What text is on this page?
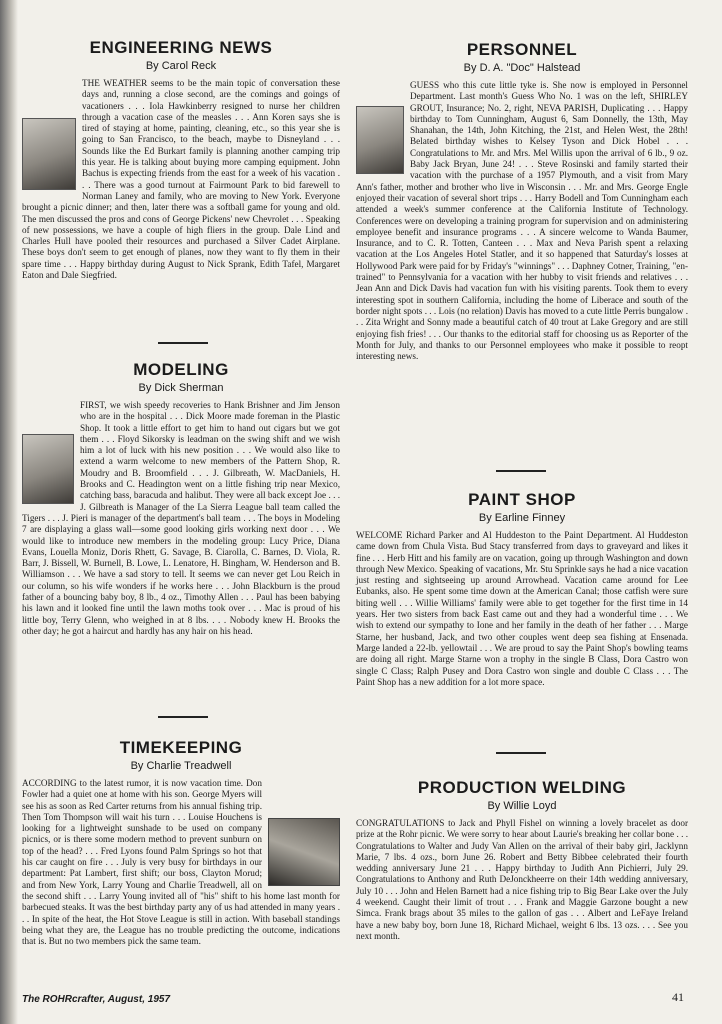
ENGINEERING NEWS
By Carol Reck

THE WEATHER seems to be the main topic of conversation these days and, running a close second, are the comings and goings of vacationers . . . Iola Hawkinberry resigned to nurse her children through a vacation case of the measles . . . Ann Koren says she is tired of staying at home, painting, cleaning, etc., so this year she is going to San Francisco, to the beach, maybe to Disneyland . . . Sounds like the Ed Burkart family is planning another camping trip this year. He is talking about buying more camping equipment. John Bachus is expecting friends from the east for a week of his vacation . . . There was a good turnout at Fairmount Park to bid farewell to Norman Laney and family, who are moving to New York. Everyone brought a picnic dinner; and then, later there was a softball game for young and old. The men discussed the pros and cons of George Pickens' new Chevrolet . . . Speaking of new possessions, we have a couple of high fliers in the group. Dale Lind and Charles Hull have pooled their resources and purchased a Silver Cadet Airplane. These boys don't seem to get enough of planes, now they want to fly them in their spare time . . . Happy birthday during August to Nick Sprank, Edith Tafel, Margaret Eaton and Dale Siegfried.

MODELING
By Dick Sherman

FIRST, we wish speedy recoveries to Hank Brishner and Jim Jenson who are in the hospital . . . Dick Moore made foreman in the Plastic Shop. It took a little effort to get him to hand out cigars but we got them . . . Floyd Sikorsky is leadman on the swing shift and we wish him a lot of luck with his new position . . . We would also like to extend a warm welcome to new members of the Pattern Shop, R. Moudry and B. Broomfield . . . J. Gilbreath, W. MacDaniels, H. Brooks and C. Headington went on a little fishing trip near Mexico, catching bass, baracuda and halibut. They were all back except Joe . . . J. Gilbreath is Manager of the La Sierra League ball team called the Tigers . . . J. Pieri is manager of the department's ball team . . . The boys in Modeling 7 are displaying a glass wall—some good looking girls working next door . . . We would like to introduce new members in the modeling group: Lucy Price, Diana Evans, Louella Moniz, Doris Rhett, G. Savage, B. Ciarolla, C. Barnes, D. Viola, R. Barr, J. Bissell, W. Burnell, B. Lowe, L. Lenatore, H. Bingham, W. Henderson and B. Williamson . . . We have a sad story to tell. It seems we can never get Lou Reich in our column, so his wife wonders if he works here . . . John Blackburn is the proud father of a bouncing baby boy, 8 lb., 4 oz., Timothy Allen . . . Paul has been babying his lawn and it looked fine until the lawn moths took over . . . Mac is proud of his little boy, Terry Glenn, who weighed in at 8 lbs. . . . Nobody knew H. Brooks the other day; he got a haircut and hardly has any hair on his head.

TIMEKEEPING
By Charlie Treadwell

ACCORDING to the latest rumor, it is now vacation time. Don Fowler had a quiet one at home with his son. George Myers will see his as soon as Red Carter returns from his annual fishing trip. Then Tom Thompson will wait his turn . . . Louise Houchens is looking for a lightweight sunshade to be used on company picnics, or is there some modern method to prevent sunburn on top of the head? . . . Fred Lyons found Palm Springs so hot that his car caught on fire . . . July is very busy for birthdays in our department: Pat Lambert, first shift; our boss, Clayton Morud; and from New York, Larry Young and Charlie Treadwell, all on the second shift . . . Larry Young invited all of "his" shift to his home last month for barbecued steaks. It was the best birthday party any of us had attended in many years . . . In spite of the heat, the Hot Stove League is still in action. With baseball standings being what they are, the League has no trouble predicting the outcome, indications that is. But no two members pick the same team.

PERSONNEL
By D. A. "Doc" Halstead

GUESS who this cute little tyke is. She now is employed in Personnel Department. Last month's Guess Who No. 1 was on the left, SHIRLEY GROUT, Insurance; No. 2, right, NEVA PARISH, Duplicating . . . Happy birthday to Tom Cunningham, August 6, Sam Donnelly, the 13th, May Shanahan, the 14th, John Kitching, the 21st, and Helen West, the 28th! Belated birthday wishes to Kelsey Tyson and Dick Hobel . . . Congratulations to Mr. and Mrs. Mel Willis upon the arrival of 6 lb., 9 oz. Baby Jack Bryan, June 24! . . . Steve Rosinski and family started their vacation with the purchase of a 1957 Plymouth, and a visit from Mary Ann's father, mother and brother who live in Wisconsin . . . Mr. and Mrs. George Engle enjoyed their vacation of several short trips . . . Harry Bodell and Tom Cunningham each attended a week's summer conference at the California Institute of Technology. Conferences were on developing a training program for supervision and on administering employee benefit and insurance programs . . . A sincere welcome to Wanda Baumer, Insurance, and to C. R. Totten, Canteen . . . Max and Neva Parish spent a relaxing vacation at the Los Angeles Hotel Statler, and it so happened that Saturday's losses at Hollywood Park were paid for by Friday's "winnings" . . . Daphney Cotner, Training, "en-trained" to Pennsylvania for a vacation with her hubby to visit friends and relatives . . . Jean Ann and Dick Davis had vacation fun with his visiting parents. Took them to every interesting spot in southern California, including the home of Liberace and south of the border night spots . . . Lois (no relation) Davis has moved to a cute little Perris bungalow . . . Zita Wright and Sonny made a beautiful catch of 40 trout at Lake Gregory and are still enjoying fish fries! . . . Our thanks to the editorial staff for choosing us as Reporter of the Month for July, and thanks to our Personnel employees who make it possible to reopt interesting news.

PAINT SHOP
By Earline Finney

WELCOME Richard Parker and Al Huddeston to the Paint Department. Al Huddeston came down from Chula Vista. Bud Stacy transferred from days to graveyard and likes it fine . . . Herb Hitt and his family are on vacation, going up through Washington and down through New Mexico. Speaking of vacations, Mr. Stu Sprinkle says he had a nice vacation just resting and sightseeing up around Arrowhead. Vacation came around for Lee Eubanks, also. He spent some time down at the American Canal; those catfish were sure biting well . . . Willie Williams' family were able to get together for the first time in 14 years. Her two sisters from back East came out and they had a wonderful time . . . We wish to extend our sympathy to Ione and her family in the death of her father . . . Marge Starne, her husband, Jack, and two other couples went deep sea fishing at Ensenada. Marge landed a 22-lb. yellowtail . . . We are proud to say the Paint Shop's bowling teams are doing all right. Marge Starne won a trophy in the single B Class, Dora Castro won single C Class; Ralph Pusey and Dora Castro won single and double C Class . . . The Paint Shop has a new addition for a lot more space.

PRODUCTION WELDING
By Willie Loyd

CONGRATULATIONS to Jack and Phyll Fishel on winning a lovely bracelet as door prize at the Rohr picnic. We were sorry to hear about Laurie's breaking her collar bone . . . Congratulations to Walter and Judy Van Allen on the arrival of their baby girl, Jacklynn Marie, 7 lbs. 4 ozs., born June 26. Robert and Betty Bibbee celebrated their fourth wedding anniversary June 21 . . . Happy birthday to Judith Ann Pichierri, July 29. Congratulations to Anthony and Ruth DeJonckheerre on their 14th wedding anniversary, July 10 . . . John and Helen Barnett had a nice fishing trip to Big Bear Lake over the July 4 weekend. Caught their limit of trout . . . Frank and Maggie Garzone bought a new Simca. Frank brags about 35 miles to the gallon of gas . . . Albert and LeFaye Ireland have a new baby boy, born June 18, Richard Michael, weight 6 lbs. 13 ozs. . . . See you next month.

The ROHRcrafter, August, 1957	41
